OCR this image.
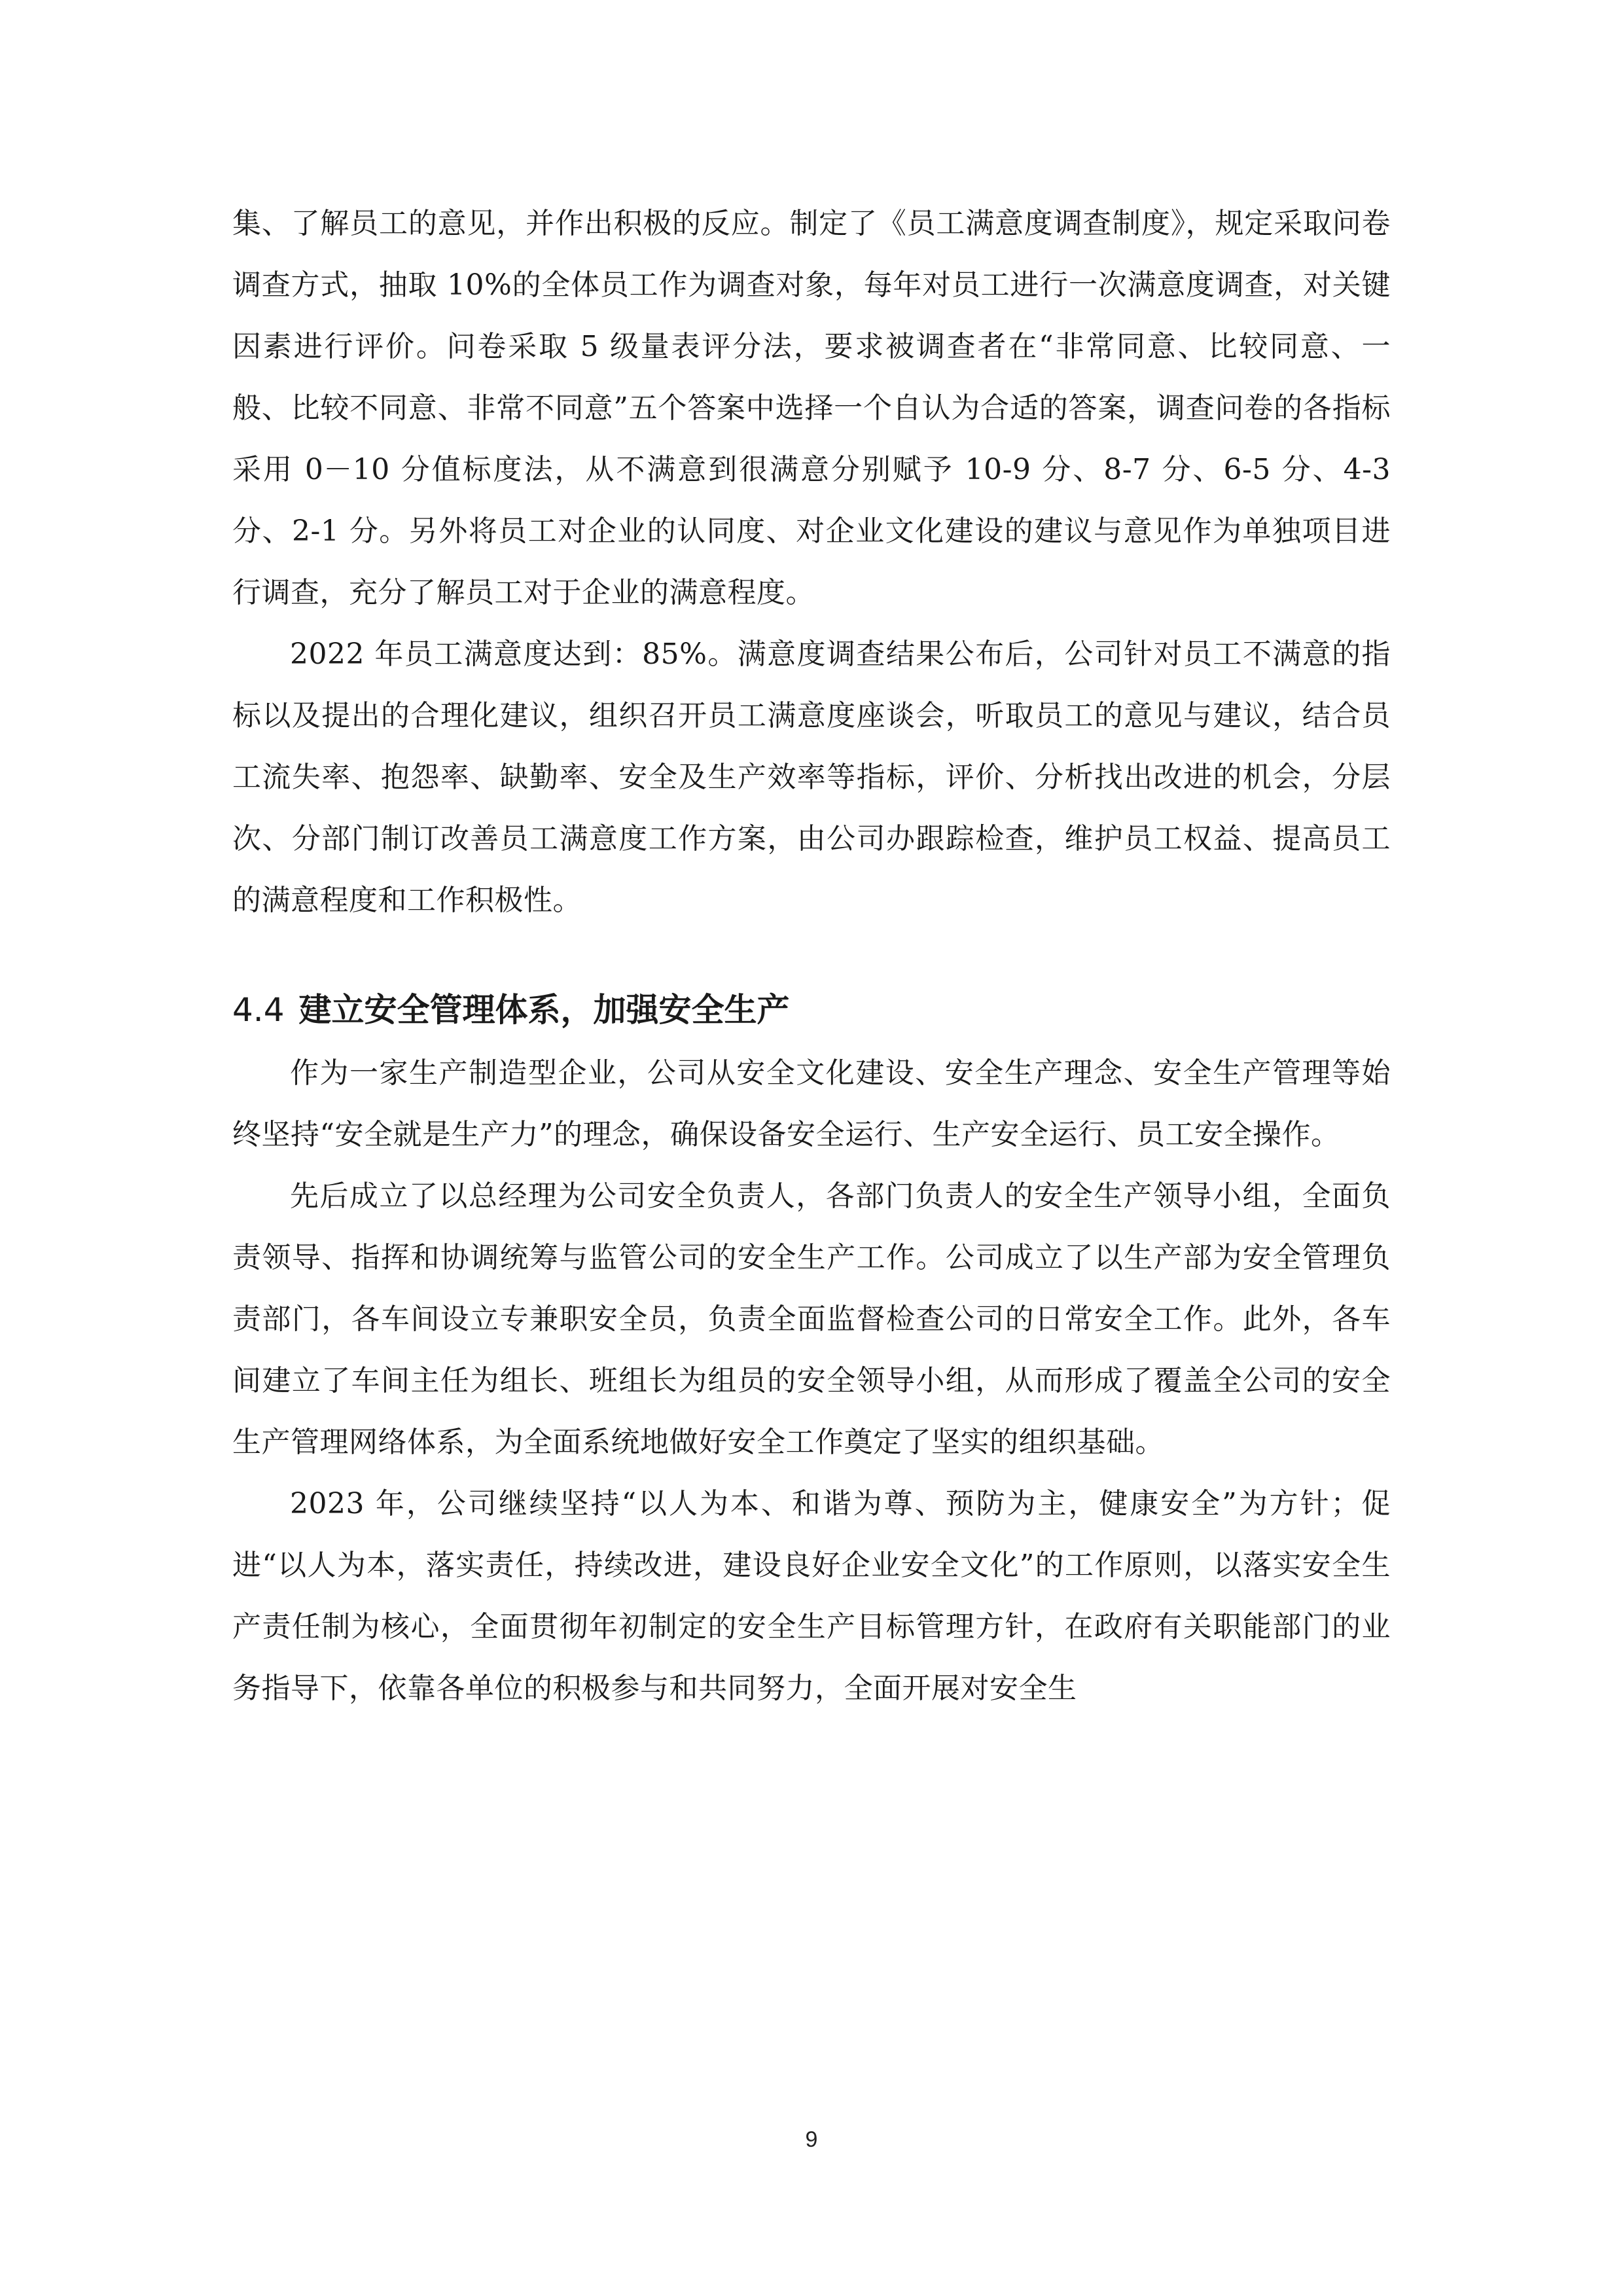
集、了解员工的意见，并作出积极的反应。制定了《员工满意度调查制度》，规定采取问卷调查方式，抽取 10%的全体员工作为调查对象，每年对员工进行一次满意度调查，对关键因素进行评价。问卷采取 5 级量表评分法，要求被调查者在“非常同意、比较同意、一般、比较不同意、非常不同意”五个答案中选择一个自认为合适的答案，调查问卷的各指标采用 0－10 分值标度法，从不满意到很满意分别赋予 10-9 分、8-7 分、6-5 分、4-3 分、2-1 分。另外将员工对企业的认同度、对企业文化建设的建议与意见作为单独项目进行调查，充分了解员工对于企业的满意程度。

2022 年员工满意度达到：85%。满意度调查结果公布后，公司针对员工不满意的指标以及提出的合理化建议，组织召开员工满意度座谈会，听取员工的意见与建议，结合员工流失率、抱怨率、缺勤率、安全及生产效率等指标，评价、分析找出改进的机会，分层次、分部门制订改善员工满意度工作方案，由公司办跟踪检查，维护员工权益、提高员工的满意程度和工作积极性。

4.4 建立安全管理体系，加强安全生产

作为一家生产制造型企业，公司从安全文化建设、安全生产理念、安全生产管理等始终坚持“安全就是生产力”的理念，确保设备安全运行、生产安全运行、员工安全操作。

先后成立了以总经理为公司安全负责人，各部门负责人的安全生产领导小组，全面负责领导、指挥和协调统筹与监管公司的安全生产工作。公司成立了以生产部为安全管理负责部门，各车间设立专兼职安全员，负责全面监督检查公司的日常安全工作。此外，各车间建立了车间主任为组长、班组长为组员的安全领导小组，从而形成了覆盖全公司的安全生产管理网络体系，为全面系统地做好安全工作奠定了坚实的组织基础。

2023 年，公司继续坚持“以人为本、和谐为尊、预防为主，健康安全”为方针；促进“以人为本，落实责任，持续改进，建设良好企业安全文化”的工作原则，以落实安全生产责任制为核心，全面贯彻年初制定的安全生产目标管理方针，在政府有关职能部门的业务指导下，依靠各单位的积极参与和共同努力，全面开展对安全生

9
